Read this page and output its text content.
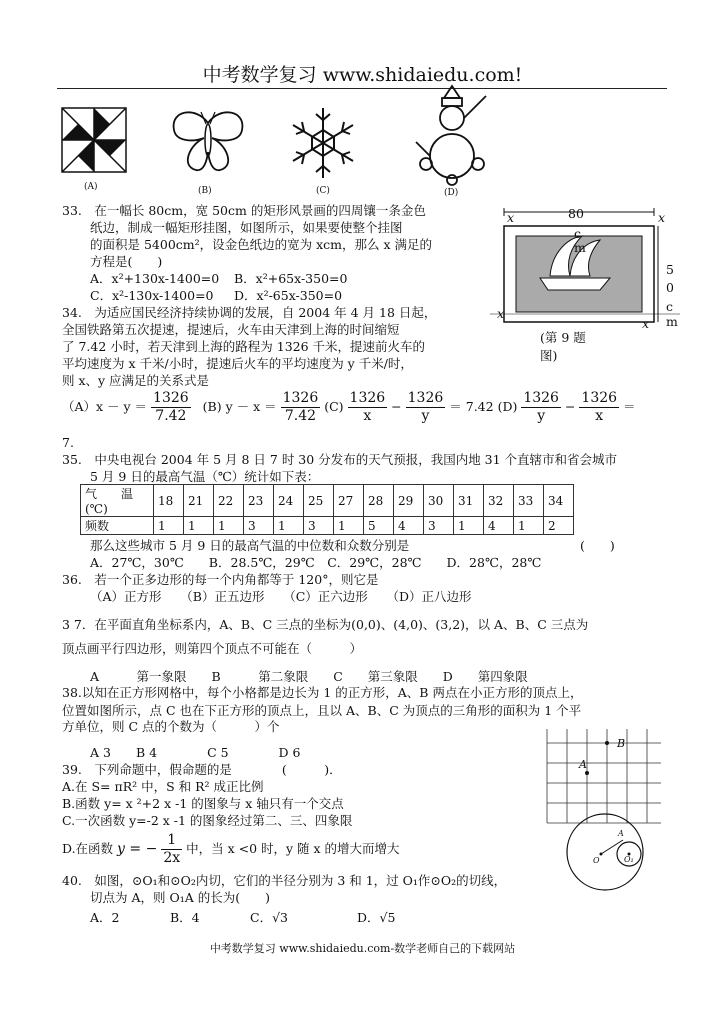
中考数学复习 www.shidaiedu.com!
(A)	(B)	(C)	(D)
33.　在一幅长 80cm，宽 50cm 的矩形风景画的四周镶一条金色
纸边，制成一幅矩形挂图，如图所示，如果要使整个挂图
的面积是 5400cm²，设金色纸边的宽为 xcm，那么 x 满足的
方程是(　　)
A．x²+130x-1400=0 B．x²+65x-350=0
C．x²-130x-1400=0 D．x²-65x-350=0
x	80	x
c
m
5
0
c
m
x
x
(第 9 题
图)
34.　为适应国民经济持续协调的发展，自 2004 年 4 月 18 日起，
全国铁路第五次提速，提速后，火车由天津到上海的时间缩短
了 7.42 小时，若天津到上海的路程为 1326 千米，提速前火车的
平均速度为 x 千米/小时，提速后火车的平均速度为 y 千米/时，
则 x、y 应满足的关系式是
$(A)x - y = \frac{1326}{7.42} (B) y - x = \frac{1326}{7.42} (C) \frac{1326}{x} - \frac{1326}{y} = 7.42$ $(D) \frac{1326}{y} - \frac{1326}{x}$ ＝
7.
35.　中央电视台 2004 年 5 月 8 日 7 时 30 分发布的天气预报，我国内地 31 个直辖市和省会城市
5 月 9 日的最高气温（℃）统计如下表：
气　　温
(℃)	18	21	22	23	24	25	27	28	29	30	31	32	33	34
频数	1	1	1	3	1	3	1	5	4	3	1	4	1	2
那么这些城市 5 月 9 日的最高气温的中位数和众数分别是	(　　)
A．27℃，30℃　　B．28.5℃，29℃　C．29℃，28℃　　D．28℃，28℃
36.　若一个正多边形的每一个内角都等于 120°，则它是
（A）正方形　　（B）正五边形　　（C）正六边形　　（D）正八边形
3 7．在平面直角坐标系内，A、B、C 三点的坐标为(0,0)、(4,0)、(3,2)，以 A、B、C 三点为
顶点画平行四边形，则第四个顶点不可能在（　　　）
A　　　第一象限　　B　　　第二象限　　C　　第三象限　　D　　第四象限
38.以知在正方形网格中，每个小格都是边长为 1 的正方形，A、B 两点在小正方形的顶点上，
位置如图所示，点 C 也在下正方形的顶点上，且以 A、B、C 为顶点的三角形的面积为 1 个平
方单位，则 C 点的个数为（　　　）个
A 3　　B 4　　　　C 5　　　　D 6
A
B
39.　下列命题中，假命题的是　　　　(　　　)．
A.在 S= πR² 中，S 和 R² 成正比例
B.函数 y= x ²+2 x -1 的图象与 x 轴只有一个交点
C.一次函数 y=-2 x -1 的图象经过第二、三、四象限
D.在函数 y = − $\frac{1}{2x}$ 中，当 x <0 时，y 随 x 的增大而增大
A
O	O₁
40.　如图，⊙O₁和⊙O₂内切，它们的半径分别为 3 和 1，过 O₁作⊙O₂的切线，
切点为 A，则 O₁A 的长为(　　)
A．2	B．4	C．√3	D．√5
中考数学复习 www.shidaiedu.com-数学老师自己的下载网站
